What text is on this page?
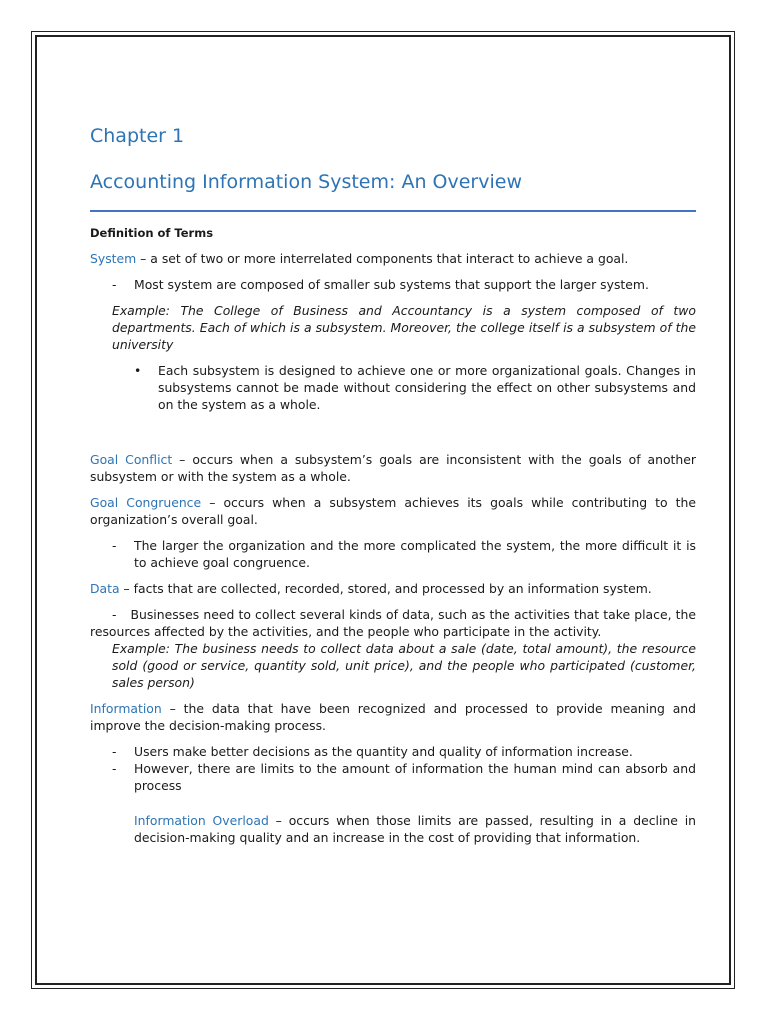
Chapter 1
Accounting Information System: An Overview

Definition of Terms

System – a set of two or more interrelated components that interact to achieve a goal.

-	Most system are composed of smaller sub systems that support the larger system.

Example: The College of Business and Accountancy is a system composed of two departments. Each of which is a subsystem. Moreover, the college itself is a subsystem of the university

•	Each subsystem is designed to achieve one or more organizational goals. Changes in subsystems cannot be made without considering the effect on other subsystems and on the system as a whole.

Goal Conflict – occurs when a subsystem’s goals are inconsistent with the goals of another subsystem or with the system as a whole.

Goal Congruence – occurs when a subsystem achieves its goals while contributing to the organization’s overall goal.

-	The larger the organization and the more complicated the system, the more difficult it is to achieve goal congruence.

Data – facts that are collected, recorded, stored, and processed by an information system.

- Businesses need to collect several kinds of data, such as the activities that take place, the resources affected by the activities, and the people who participate in the activity.

Example: The business needs to collect data about a sale (date, total amount), the resource sold (good or service, quantity sold, unit price), and the people who participated (customer, sales person)

Information – the data that have been recognized and processed to provide meaning and improve the decision-making process.

-	Users make better decisions as the quantity and quality of information increase.
-	However, there are limits to the amount of information the human mind can absorb and process

Information Overload – occurs when those limits are passed, resulting in a decline in decision-making quality and an increase in the cost of providing that information.
